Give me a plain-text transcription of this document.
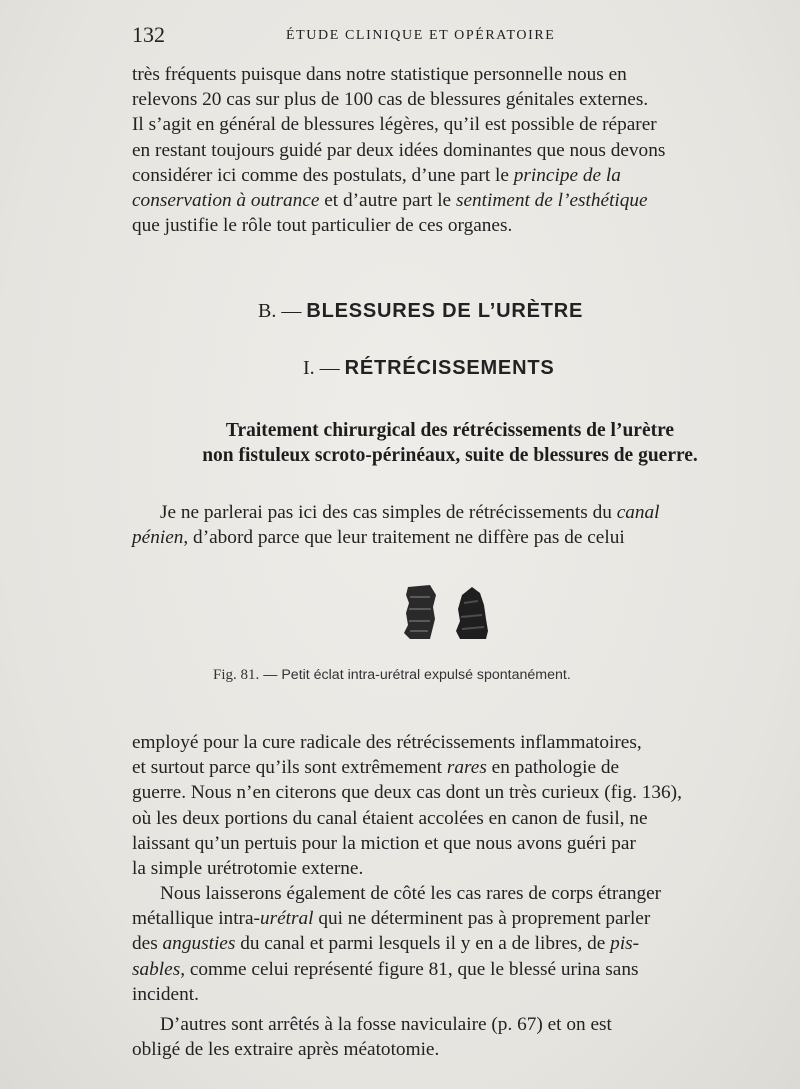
132	ÉTUDE CLINIQUE ET OPÉRATOIRE

très fréquents puisque dans notre statistique personnelle nous en
relevons 20 cas sur plus de 100 cas de blessures génitales externes.
Il s’agit en général de blessures légères, qu’il est possible de réparer
en restant toujours guidé par deux idées dominantes que nous devons
considérer ici comme des postulats, d’une part le principe de la
conservation à outrance et d’autre part le sentiment de l’esthétique
que justifie le rôle tout particulier de ces organes.

B. — BLESSURES DE L’URÈTRE
I. — RÉTRÉCISSEMENTS
Traitement chirurgical des rétrécissements de l’urètre
non fistuleux scroto-périnéaux, suite de blessures de guerre.

Je ne parlerai pas ici des cas simples de rétrécissements du canal

pénien, d’abord parce que leur traitement ne diffère pas de celui

Fig. 81. — Petit éclat intra-urétral expulsé spontanément.

employé pour la cure radicale des rétrécissements inflammatoires,
et surtout parce qu’ils sont extrêmement rares en pathologie de
guerre. Nous n’en citerons que deux cas dont un très curieux (fig. 136),
où les deux portions du canal étaient accolées en canon de fusil, ne
laissant qu’un pertuis pour la miction et que nous avons guéri par
la simple urétrotomie externe.

Nous laisserons également de côté les cas rares de corps étranger
métallique intra-urétral qui ne déterminent pas à proprement parler
des angusties du canal et parmi lesquels il y en a de libres, de pis-
sables, comme celui représenté figure 81, que le blessé urina sans
incident.

D’autres sont arrêtés à la fosse naviculaire (p. 67) et on est
obligé de les extraire après méatotomie.
